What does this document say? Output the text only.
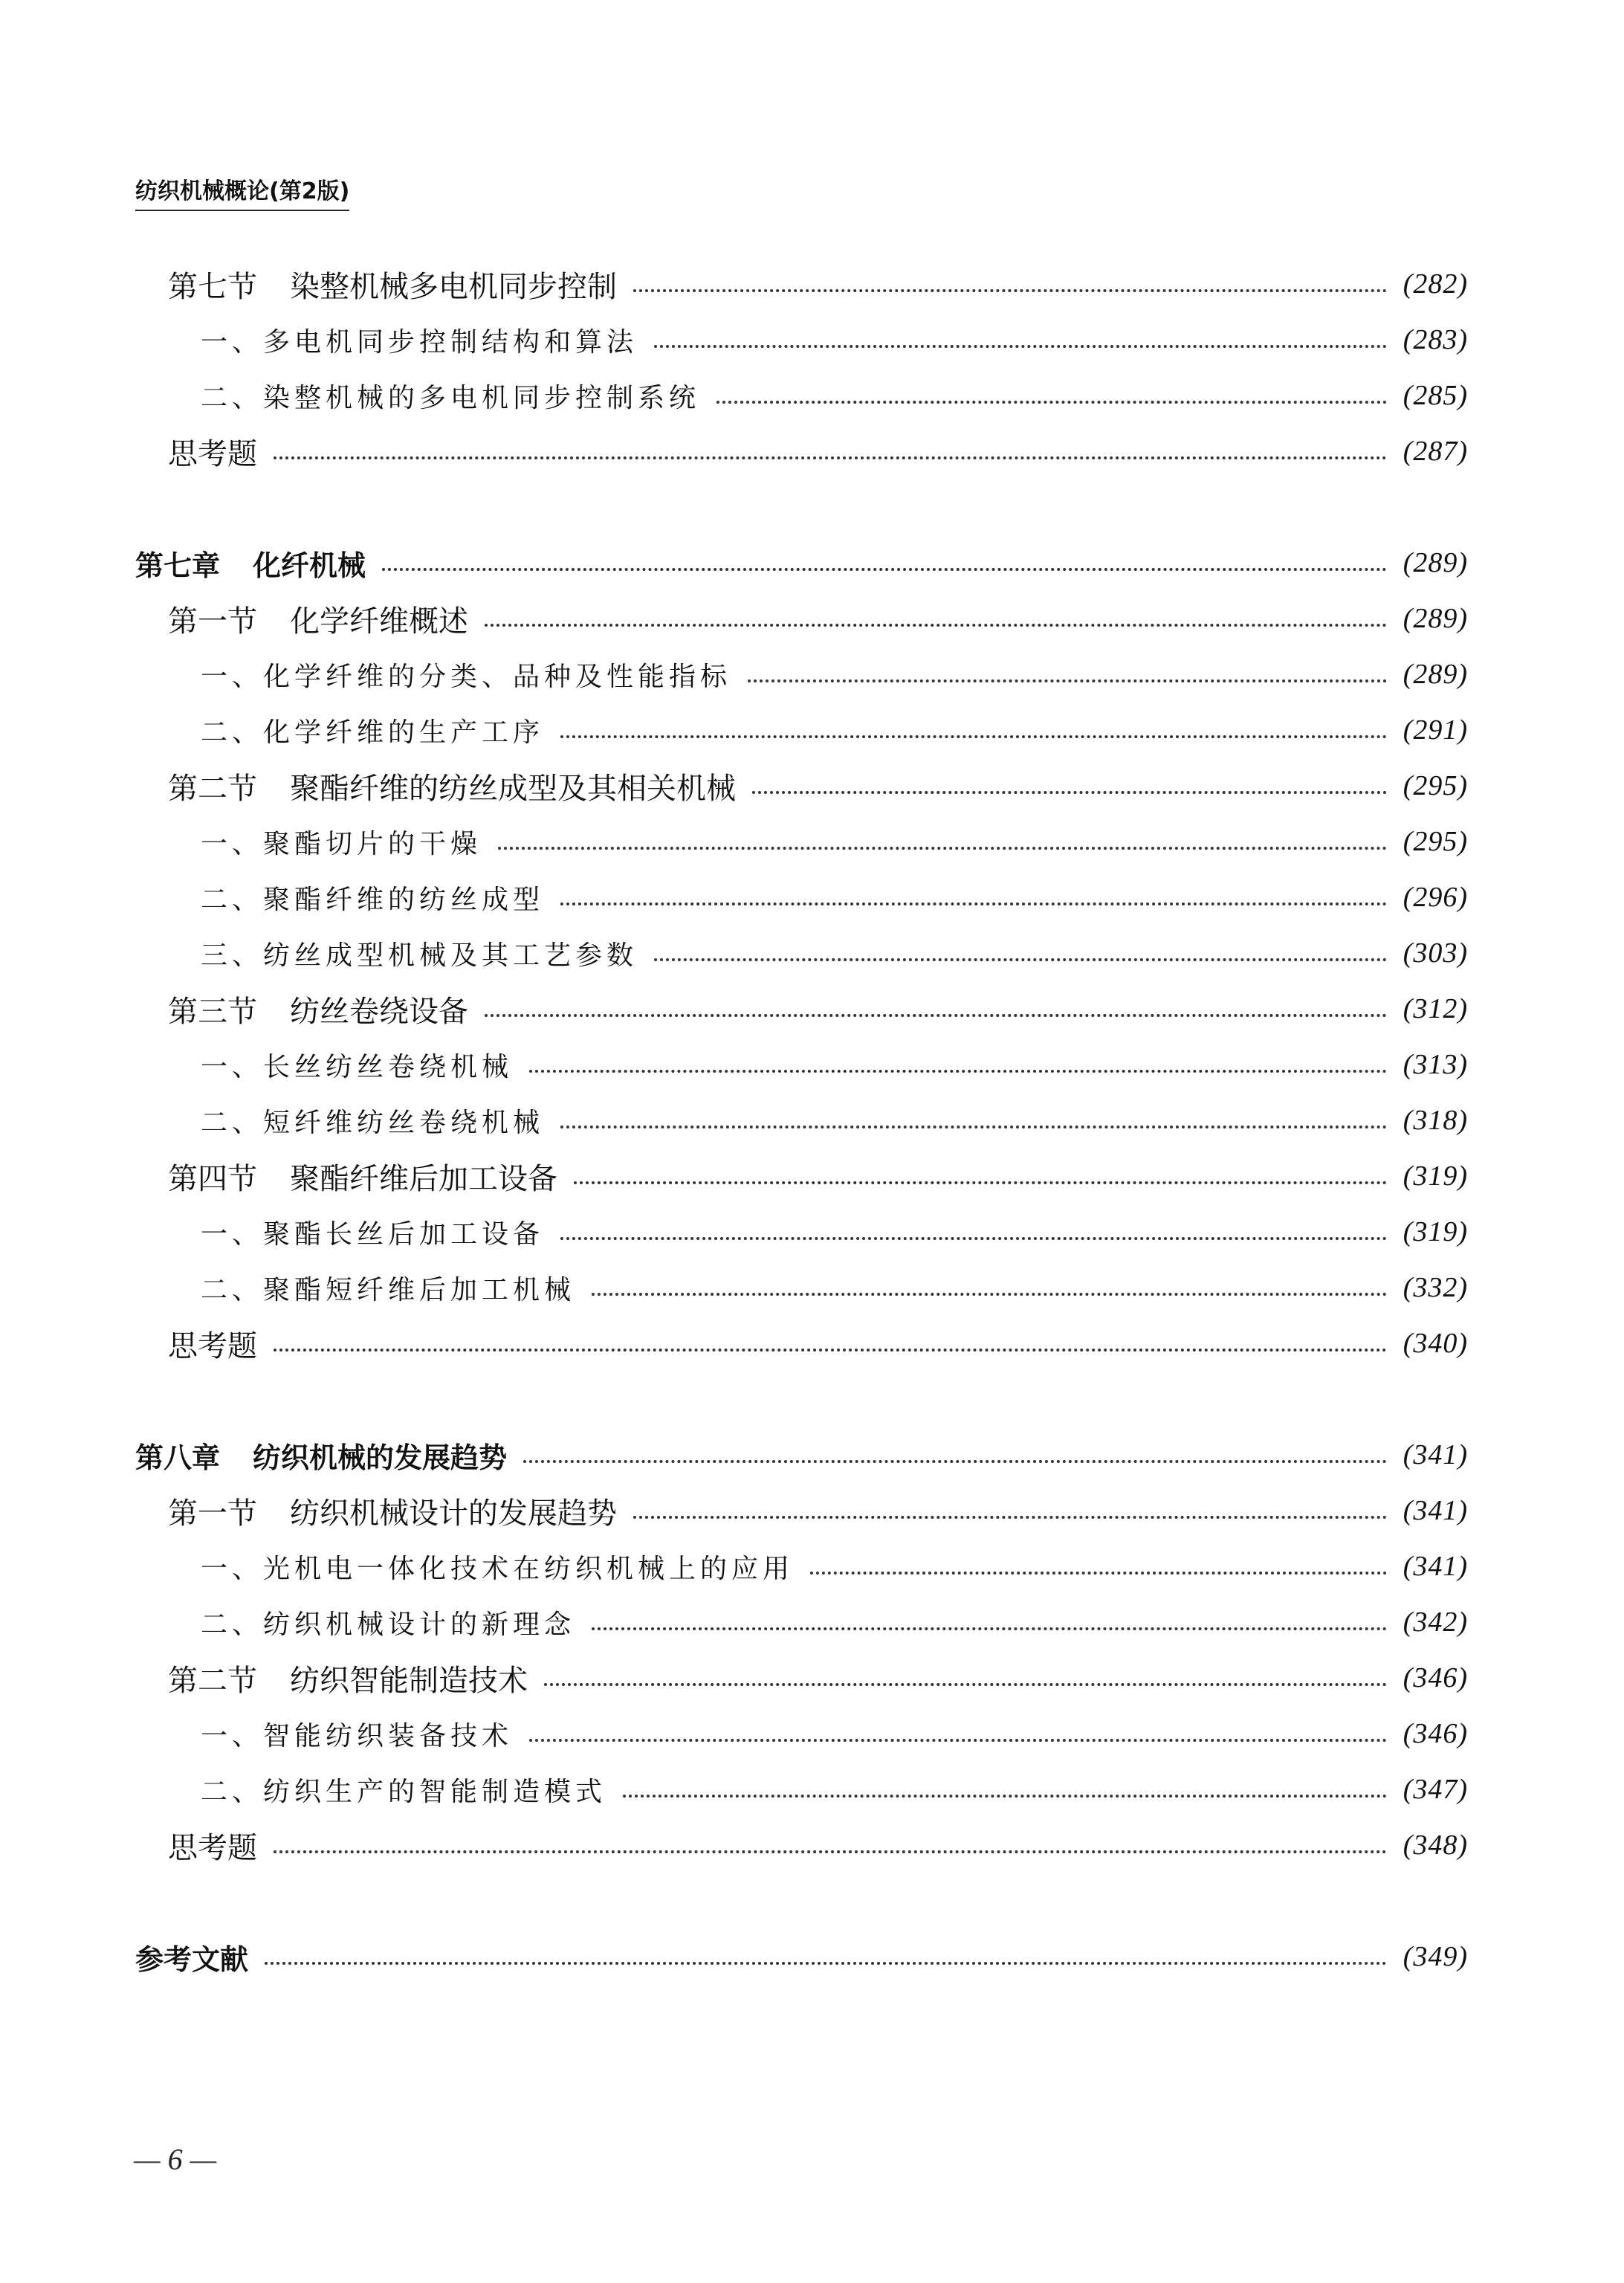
纺织机械概论(第2版)
第七节 染整机械多电机同步控制	(282)
一、多电机同步控制结构和算法	(283)
二、染整机械的多电机同步控制系统	(285)
思考题	(287)
第七章 化纤机械	(289)
第一节 化学纤维概述	(289)
一、化学纤维的分类、品种及性能指标	(289)
二、化学纤维的生产工序	(291)
第二节 聚酯纤维的纺丝成型及其相关机械	(295)
一、聚酯切片的干燥	(295)
二、聚酯纤维的纺丝成型	(296)
三、纺丝成型机械及其工艺参数	(303)
第三节 纺丝卷绕设备	(312)
一、长丝纺丝卷绕机械	(313)
二、短纤维纺丝卷绕机械	(318)
第四节 聚酯纤维后加工设备	(319)
一、聚酯长丝后加工设备	(319)
二、聚酯短纤维后加工机械	(332)
思考题	(340)
第八章 纺织机械的发展趋势	(341)
第一节 纺织机械设计的发展趋势	(341)
一、光机电一体化技术在纺织机械上的应用	(341)
二、纺织机械设计的新理念	(342)
第二节 纺织智能制造技术	(346)
一、智能纺织装备技术	(346)
二、纺织生产的智能制造模式	(347)
思考题	(348)
参考文献	(349)
— 6 —
